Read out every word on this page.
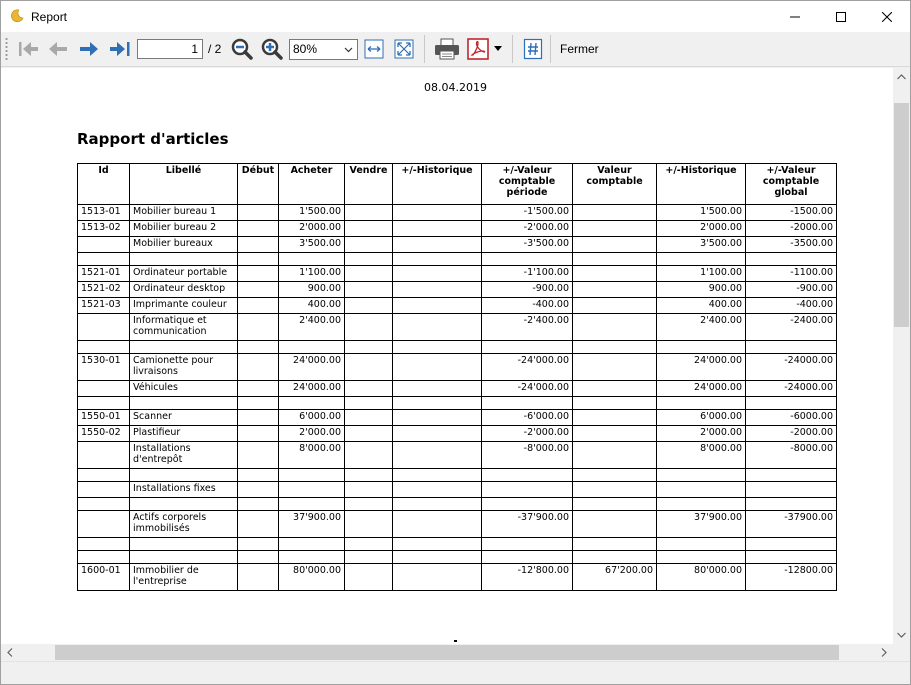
Report
1 / 2	80%	Fermer
08.04.2019
Rapport d'articles
Id	Libellé	Début	Acheter	Vendre	+/-Historique	+/-Valeur comptable période	Valeur comptable	+/-Historique	+/-Valeur comptable global
1513-01	Mobilier bureau 1		1'500.00			-1'500.00		1'500.00	-1500.00
1513-02	Mobilier bureau 2		2'000.00			-2'000.00		2'000.00	-2000.00
	Mobilier bureaux		3'500.00			-3'500.00		3'500.00	-3500.00

1521-01	Ordinateur portable		1'100.00			-1'100.00		1'100.00	-1100.00
1521-02	Ordinateur desktop		900.00			-900.00		900.00	-900.00
1521-03	Imprimante couleur		400.00			-400.00		400.00	-400.00
	Informatique et communication		2'400.00			-2'400.00		2'400.00	-2400.00

1530-01	Camionette pour livraisons		24'000.00			-24'000.00		24'000.00	-24000.00
	Véhicules		24'000.00			-24'000.00		24'000.00	-24000.00

1550-01	Scanner		6'000.00			-6'000.00		6'000.00	-6000.00
1550-02	Plastifieur		2'000.00			-2'000.00		2'000.00	-2000.00
	Installations d'entrepôt		8'000.00			-8'000.00		8'000.00	-8000.00

	Installations fixes								

	Actifs corporels immobilisés		37'900.00			-37'900.00		37'900.00	-37900.00

1600-01	Immobilier de l'entreprise		80'000.00			-12'800.00	67'200.00	80'000.00	-12800.00
